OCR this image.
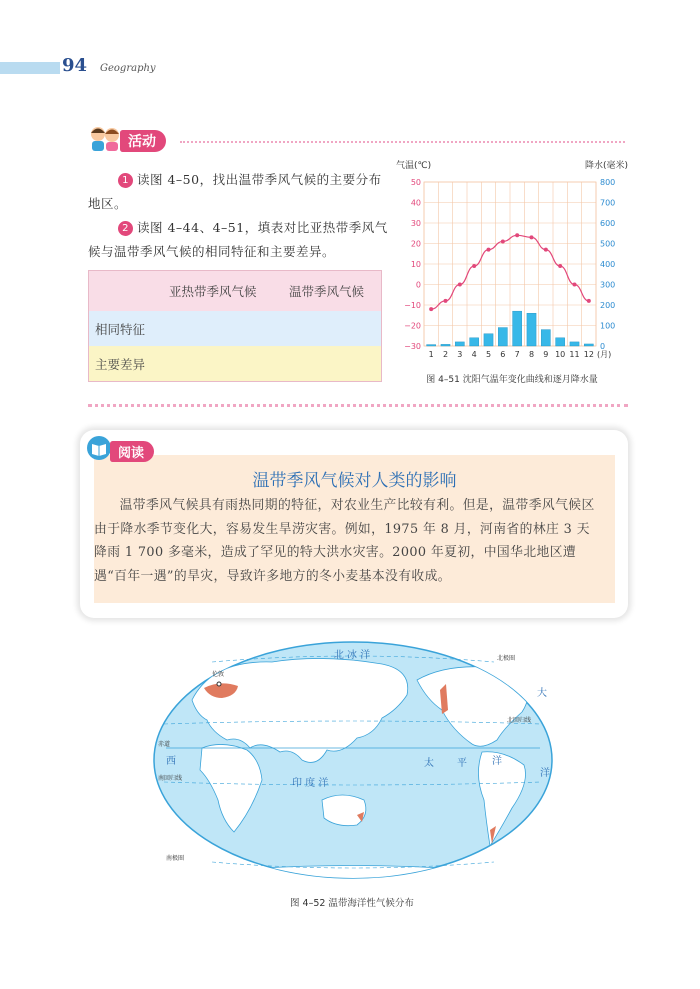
94 Geography
活动
1 读图 4–50，找出温带季风气候的主要分布地区。
2 读图 4–44、4–51，填表对比亚热带季风气候与温带季风气候的相同特征和主要差异。
亚热带季风气候	温带季风气候
相同特征
主要差异
气温(℃)	降水(毫米)
50	800
40	700
30	600
20	500
10	400
0	300
−10	200
−20	100
−30	0
1 2 3 4 5 6 7 8 9 10 11 12 (月)
图 4–51 沈阳气温年变化曲线和逐月降水量
阅读
温带季风气候对人类的影响
温带季风气候具有雨热同期的特征，对农业生产比较有利。但是，温带季风气候区由于降水季节变化大，容易发生旱涝灾害。例如，1975 年 8 月，河南省的林庄 3 天降雨 1 700 多毫米，造成了罕见的特大洪水灾害。2000 年夏初，中国华北地区遭遇“百年一遇”的旱灾，导致许多地方的冬小麦基本没有收成。
北 冰 洋
大
西	太 平	洋
印 度 洋
洋
赤道
北回归线
南回归线
北极圈
南极圈
伦敦
图 4–52 温带海洋性气候分布
